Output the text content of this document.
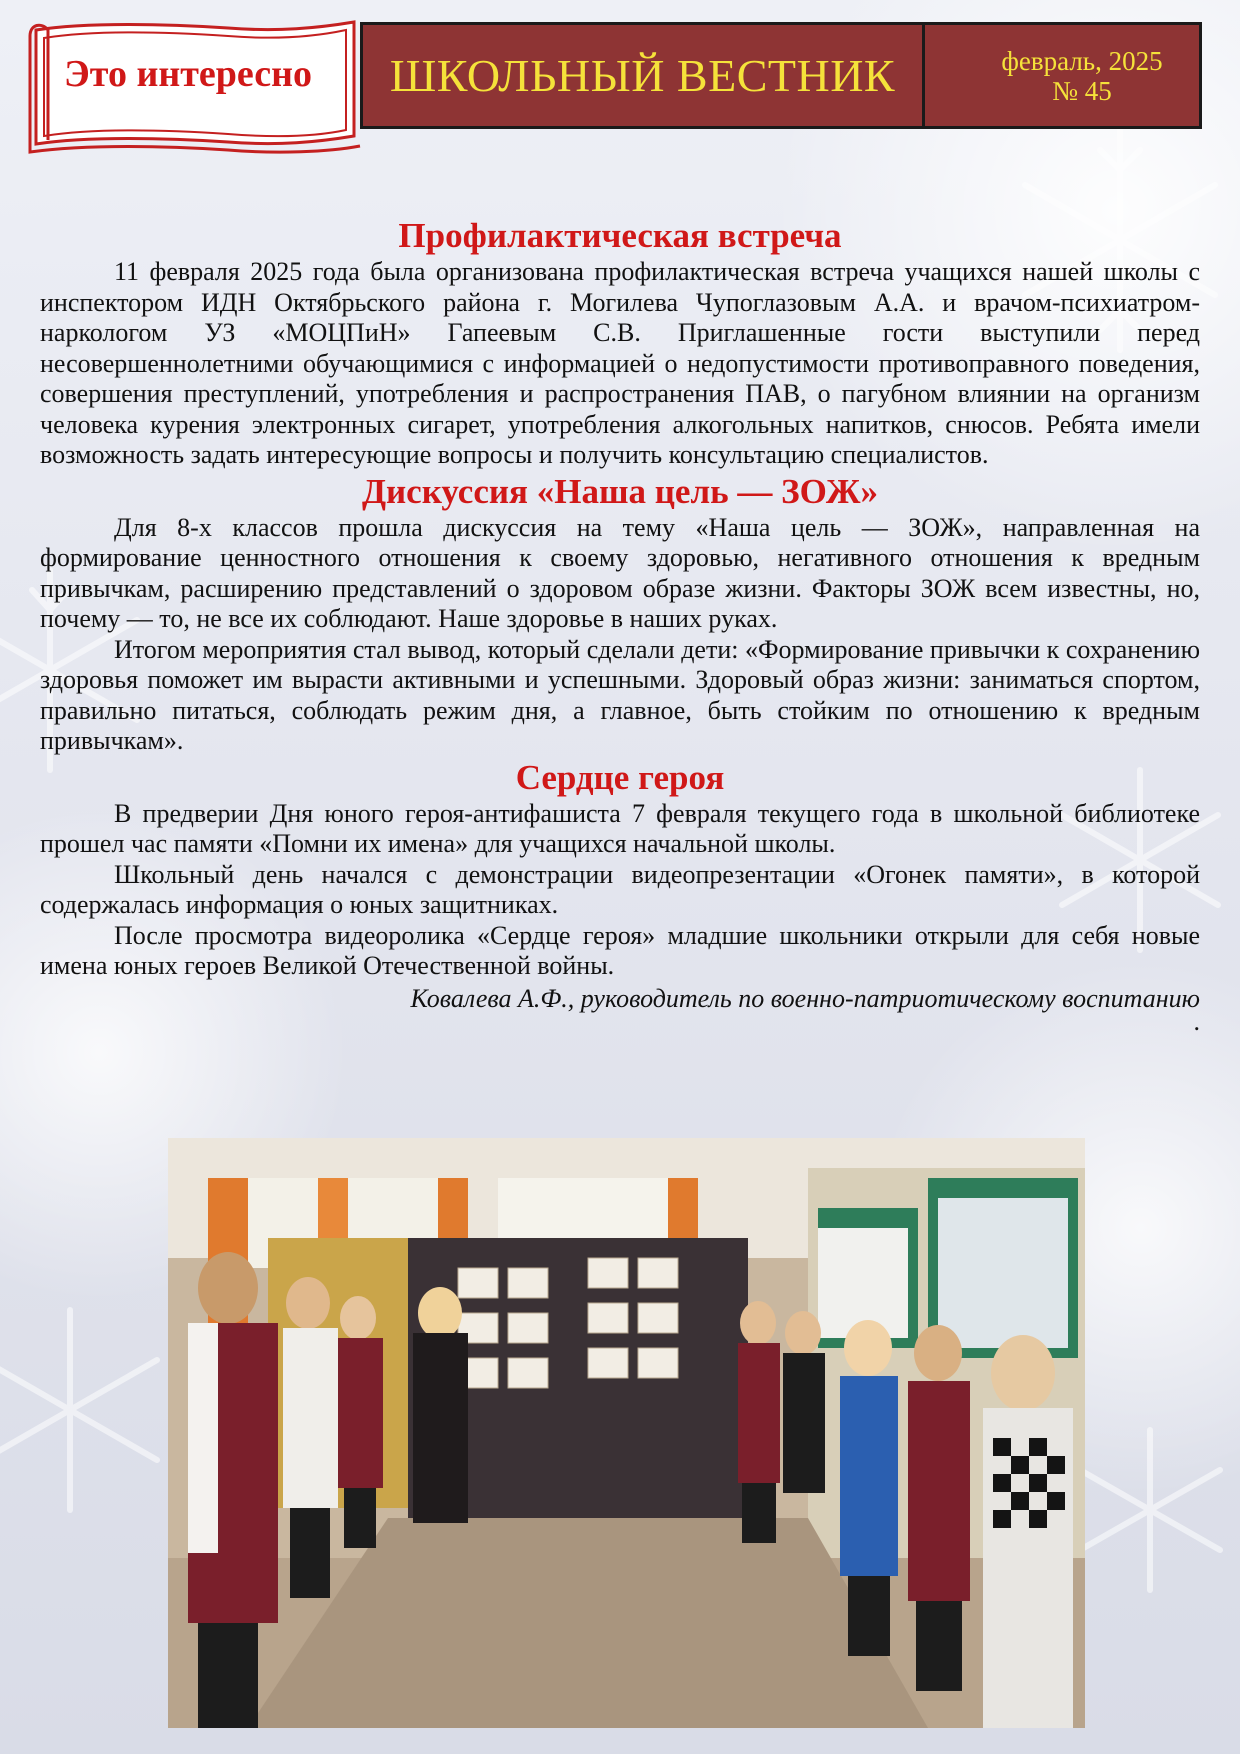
Это интересно	ШКОЛЬНЫЙ ВЕСТНИК	февраль, 2025
№ 45
Профилактическая встреча

11 февраля 2025 года была организована профилактическая встреча учащихся нашей школы с инспектором ИДН Октябрьского района г. Могилева Чупоглазовым А.А. и врачом-психиатром-наркологом УЗ «МОЦПиН» Гапеевым С.В. Приглашенные гости выступили перед несовершеннолетними обучающимися с информацией о недопустимости противоправного поведения, совершения преступлений, употребления и распространения ПАВ, о пагубном влиянии на организм человека курения электронных сигарет, употребления алкогольных напитков, снюсов. Ребята имели возможность задать интересующие вопросы и получить консультацию специалистов.

Дискуссия «Наша цель — ЗОЖ»

Для 8-х классов прошла дискуссия на тему «Наша цель — ЗОЖ», направленная на формирование ценностного отношения к своему здоровью, негативного отношения к вредным привычкам, расширению представлений о здоровом образе жизни. Факторы ЗОЖ всем известны, но, почему — то, не все их соблюдают. Наше здоровье в наших руках.

Итогом мероприятия стал вывод, который сделали дети: «Формирование привычки к сохранению здоровья поможет им вырасти активными и успешными. Здоровый образ жизни: заниматься спортом, правильно питаться, соблюдать режим дня, а главное, быть стойким по отношению к вредным привычкам».

Сердце героя

В предверии Дня юного героя-антифашиста 7 февраля текущего года в школьной библиотеке прошел час памяти «Помни их имена» для учащихся начальной школы.

Школьный день начался с демонстрации видеопрезентации «Огонек памяти», в которой содержалась информация о юных защитниках.

После просмотра видеоролика «Сердце героя» младшие школьники открыли для себя новые имена юных героев Великой Отечественной войны.

Ковалева А.Ф., руководитель по военно-патриотическому воспитанию
.
